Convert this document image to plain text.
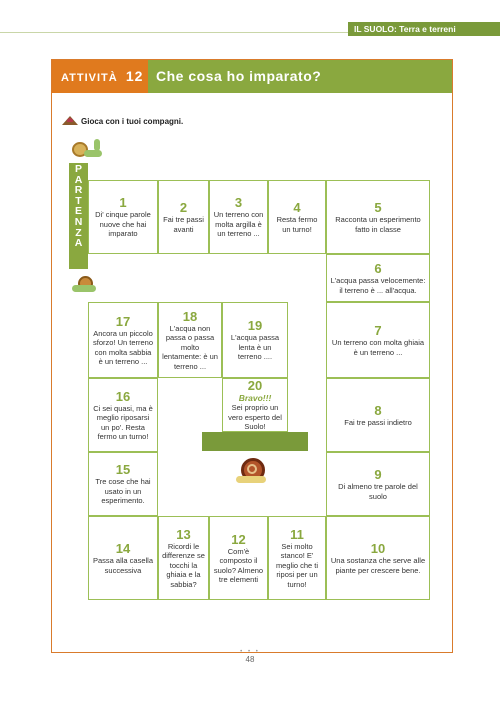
IL SUOLO: Terra e terreni
ATTIVITÀ 12 Che cosa ho imparato?
Gioca con i tuoi compagni.
P
A
R
T
E
N
Z
A
1
Di' cinque parole nuove che hai imparato
2
Fai tre passi avanti
3
Un terreno con molta argilla è un terreno ...
4
Resta fermo un turno!
5
Racconta un esperimento fatto in classe
6
L'acqua passa velocemente: il terreno è ... all'acqua.
7
Un terreno con molta ghiaia è un terreno ...
8
Fai tre passi indietro
9
Di almeno tre parole del suolo
10
Una sostanza che serve alle piante per crescere bene.
11
Sei molto stanco! E' meglio che ti riposi per un turno!
12
Com'è composto il suolo? Almeno tre elementi
13
Ricordi le differenze se tocchi la ghiaia e la sabbia?
14
Passa alla casella successiva
15
Tre cose che hai usato in un esperimento.
16
Ci sei quasi, ma è meglio riposarsi un po'. Resta fermo un turno!
17
Ancora un piccolo sforzo! Un terreno con molta sabbia è un terreno ...
18
L'acqua non passa o passa molto lentamente: è un terreno ...
19
L'acqua passa lenta è un terreno ....
20
Bravo!!!
Sei proprio un vero esperto del Suolo!
• • •
48
